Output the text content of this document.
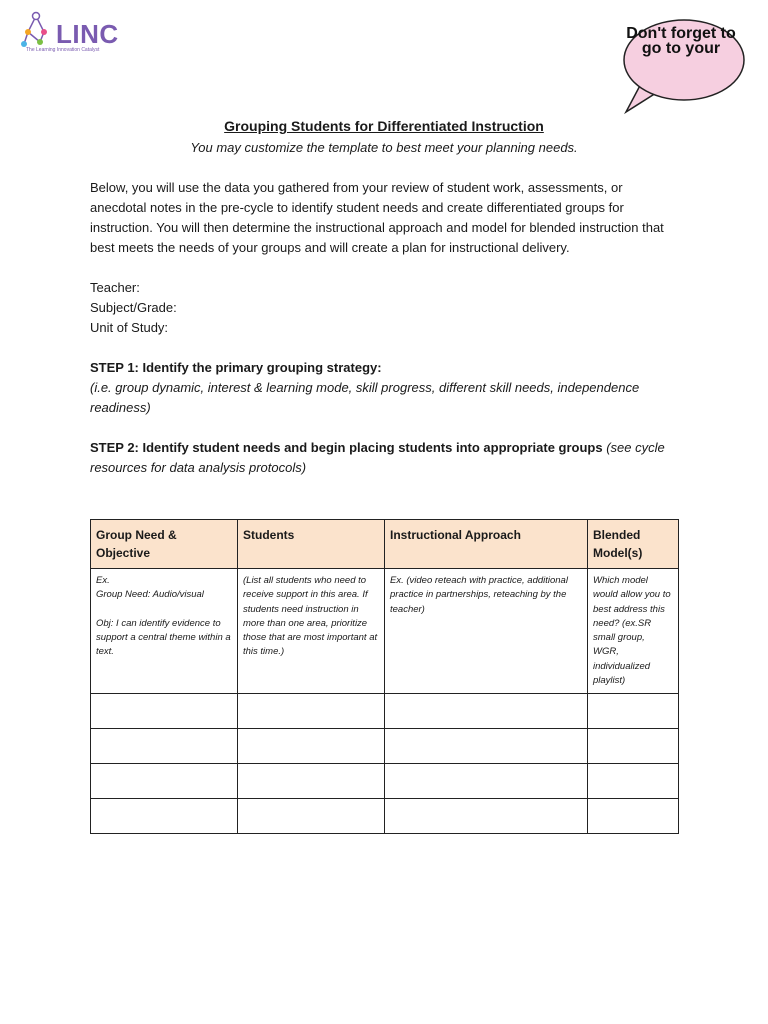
LINC
The Learning Innovation Catalyst
Don't forget to go to your
Grouping Students for Differentiated Instruction
You may customize the template to best meet your planning needs.
Below, you will use the data you gathered from your review of student work, assessments, or anecdotal notes in the pre-cycle to identify student needs and create differentiated groups for instruction. You will then determine the instructional approach and model for blended instruction that best meets the needs of your groups and will create a plan for instructional delivery.
Teacher:
Subject/Grade:
Unit of Study:
STEP 1: Identify the primary grouping strategy:
(i.e. group dynamic, interest & learning mode, skill progress, different skill needs, independence readiness)
STEP 2: Identify student needs and begin placing students into appropriate groups (see cycle resources for data analysis protocols)
Group Need & Objective	Students	Instructional Approach	Blended Model(s)

Ex.
Group Need: Audio/visual
Obj: I can identify evidence to support a central theme within a text.	(List all students who need to receive support in this area. If students need instruction in more than one area, prioritize those that are most important at this time.)	Ex. (video reteach with practice, additional practice in partnerships, reteaching by the teacher)	Which model would allow you to best address this need? (ex.SR small group, WGR, individualized playlist)
